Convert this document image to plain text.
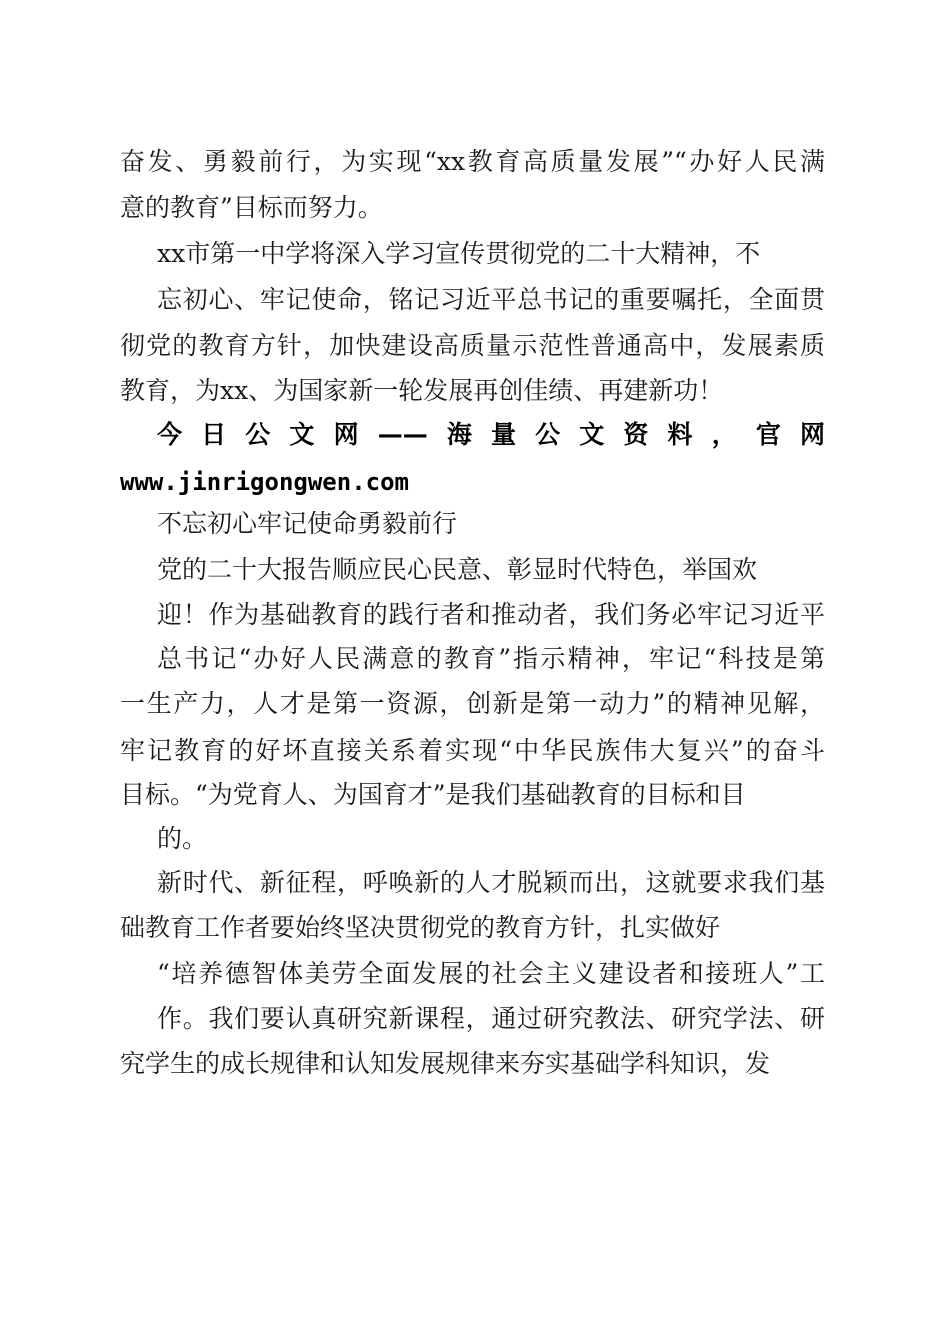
奋发、勇毅前行，为实现“xx教育高质量发展”“办好人民满
意的教育”目标而努力。
xx市第一中学将深入学习宣传贯彻党的二十大精神，不
忘初心、牢记使命，铭记习近平总书记的重要嘱托，全面贯
彻党的教育方针，加快建设高质量示范性普通高中，发展素质
教育，为xx、为国家新一轮发展再创佳绩、再建新功！
今日公文网——海量公文资料，官网
www.jinrigongwen.com
不忘初心牢记使命勇毅前行
党的二十大报告顺应民心民意、彰显时代特色，举国欢
迎！作为基础教育的践行者和推动者，我们务必牢记习近平
总书记“办好人民满意的教育”指示精神，牢记“科技是第
一生产力，人才是第一资源，创新是第一动力”的精神见解，
牢记教育的好坏直接关系着实现“中华民族伟大复兴”的奋斗
目标。“为党育人、为国育才”是我们基础教育的目标和目
的。
新时代、新征程，呼唤新的人才脱颖而出，这就要求我们基
础教育工作者要始终坚决贯彻党的教育方针，扎实做好
“培养德智体美劳全面发展的社会主义建设者和接班人”工
作。我们要认真研究新课程，通过研究教法、研究学法、研
究学生的成长规律和认知发展规律来夯实基础学科知识，发
